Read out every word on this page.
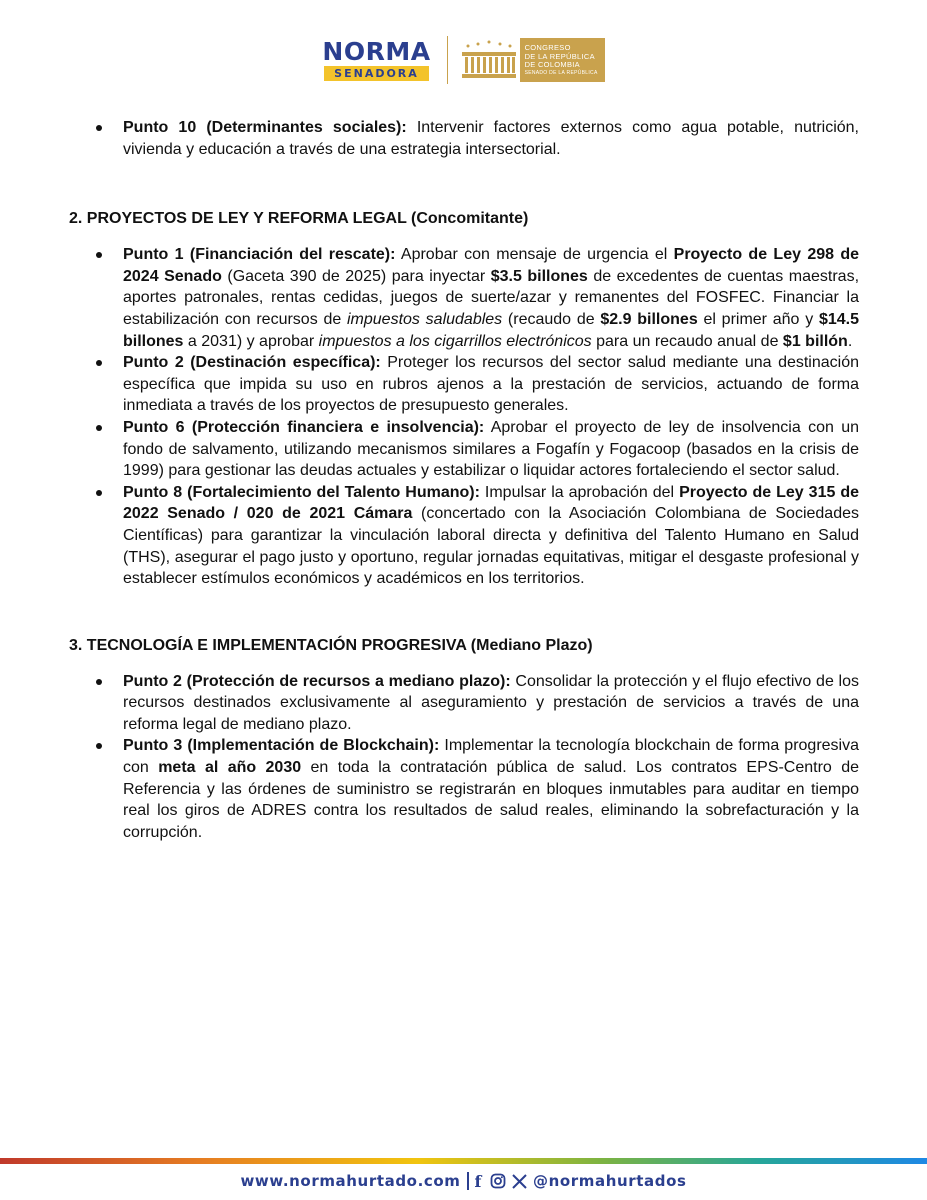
NORMA
SENADORA
CONGRESO
DE LA REPÚBLICA
DE COLOMBIA
SENADO DE LA REPÚBLICA

Punto 10 (Determinantes sociales): Intervenir factores externos como agua potable, nutrición, vivienda y educación a través de una estrategia intersectorial.

2. PROYECTOS DE LEY Y REFORMA LEGAL (Concomitante)

Punto 1 (Financiación del rescate): Aprobar con mensaje de urgencia el Proyecto de Ley 298 de 2024 Senado (Gaceta 390 de 2025) para inyectar $3.5 billones de excedentes de cuentas maestras, aportes patronales, rentas cedidas, juegos de suerte/azar y remanentes del FOSFEC. Financiar la estabilización con recursos de impuestos saludables (recaudo de $2.9 billones el primer año y $14.5 billones a 2031) y aprobar impuestos a los cigarrillos electrónicos para un recaudo anual de $1 billón.

Punto 2 (Destinación específica): Proteger los recursos del sector salud mediante una destinación específica que impida su uso en rubros ajenos a la prestación de servicios, actuando de forma inmediata a través de los proyectos de presupuesto generales.

Punto 6 (Protección financiera e insolvencia): Aprobar el proyecto de ley de insolvencia con un fondo de salvamento, utilizando mecanismos similares a Fogafín y Fogacoop (basados en la crisis de 1999) para gestionar las deudas actuales y estabilizar o liquidar actores fortaleciendo el sector salud.

Punto 8 (Fortalecimiento del Talento Humano): Impulsar la aprobación del Proyecto de Ley 315 de 2022 Senado / 020 de 2021 Cámara (concertado con la Asociación Colombiana de Sociedades Científicas) para garantizar la vinculación laboral directa y definitiva del Talento Humano en Salud (THS), asegurar el pago justo y oportuno, regular jornadas equitativas, mitigar el desgaste profesional y establecer estímulos económicos y académicos en los territorios.

3. TECNOLOGÍA E IMPLEMENTACIÓN PROGRESIVA (Mediano Plazo)

Punto 2 (Protección de recursos a mediano plazo): Consolidar la protección y el flujo efectivo de los recursos destinados exclusivamente al aseguramiento y prestación de servicios a través de una reforma legal de mediano plazo.

Punto 3 (Implementación de Blockchain): Implementar la tecnología blockchain de forma progresiva con meta al año 2030 en toda la contratación pública de salud. Los contratos EPS-Centro de Referencia y las órdenes de suministro se registrarán en bloques inmutables para auditar en tiempo real los giros de ADRES contra los resultados de salud reales, eliminando la sobrefacturación y la corrupción.

www.normahurtado.com f	@normahurtados
